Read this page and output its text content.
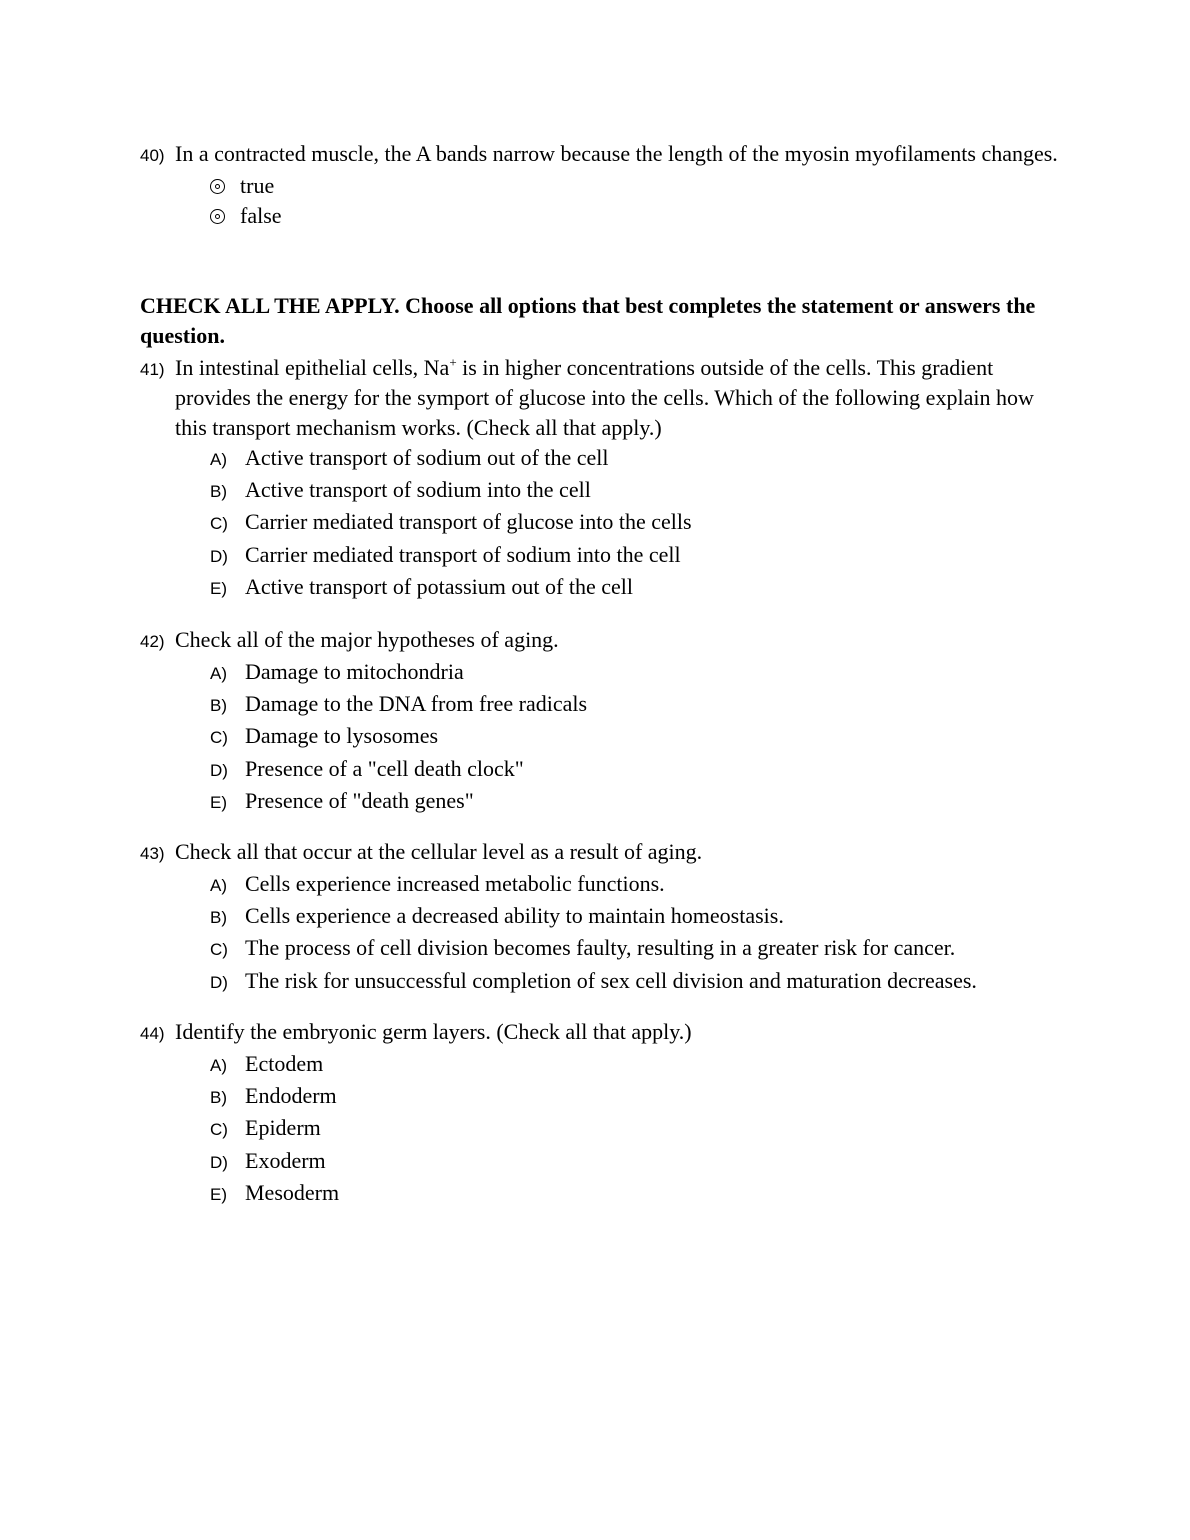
40) In a contracted muscle, the A bands narrow because the length of the myosin myofilaments changes.
true
false
CHECK ALL THE APPLY. Choose all options that best completes the statement or answers the question.
41) In intestinal epithelial cells, Na+ is in higher concentrations outside of the cells. This gradient provides the energy for the symport of glucose into the cells. Which of the following explain how this transport mechanism works. (Check all that apply.)
A) Active transport of sodium out of the cell
B) Active transport of sodium into the cell
C) Carrier mediated transport of glucose into the cells
D) Carrier mediated transport of sodium into the cell
E) Active transport of potassium out of the cell
42) Check all of the major hypotheses of aging.
A) Damage to mitochondria
B) Damage to the DNA from free radicals
C) Damage to lysosomes
D) Presence of a "cell death clock"
E) Presence of "death genes"
43) Check all that occur at the cellular level as a result of aging.
A) Cells experience increased metabolic functions.
B) Cells experience a decreased ability to maintain homeostasis.
C) The process of cell division becomes faulty, resulting in a greater risk for cancer.
D) The risk for unsuccessful completion of sex cell division and maturation decreases.
44) Identify the embryonic germ layers. (Check all that apply.)
A) Ectodem
B) Endoderm
C) Epiderm
D) Exoderm
E) Mesoderm
